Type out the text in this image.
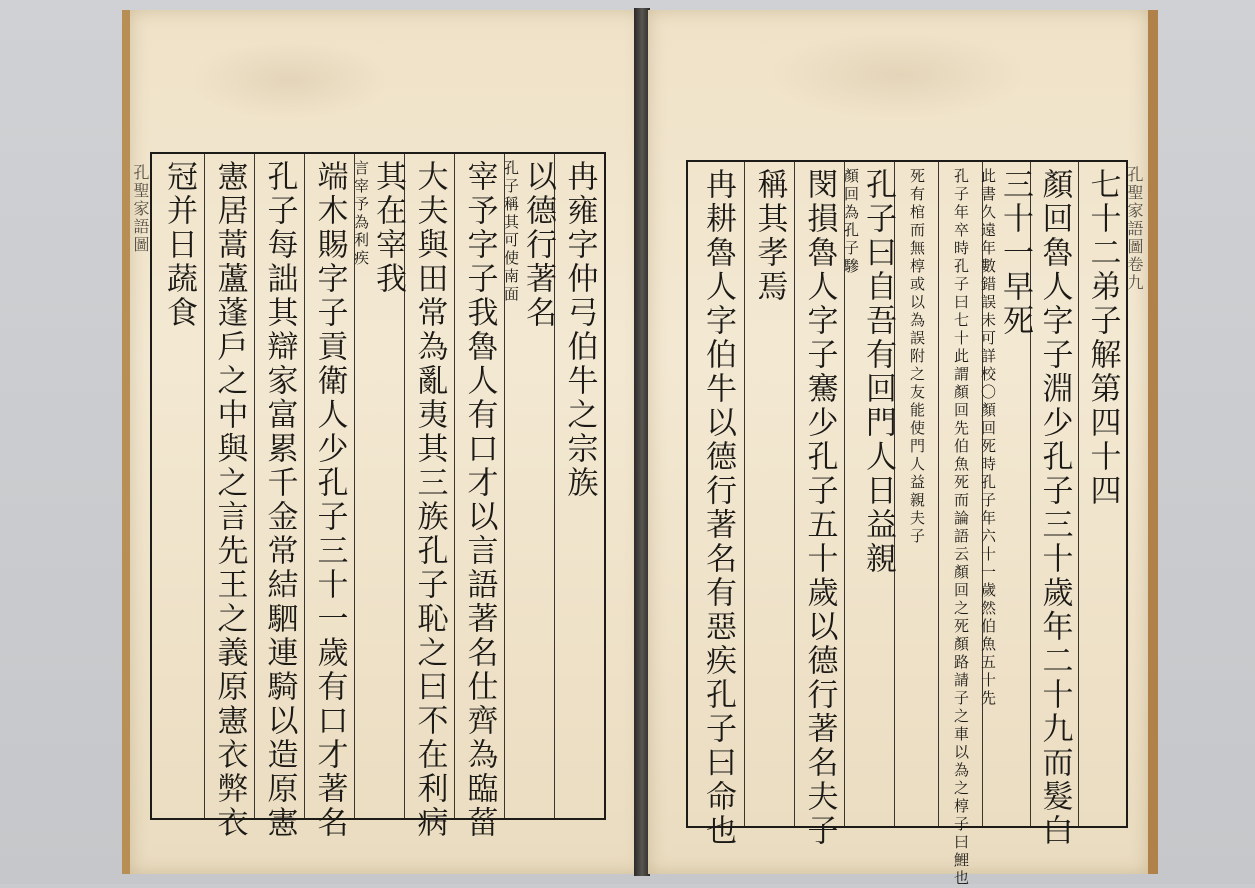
孔聖家語圖	冉雍字仲弓伯牛之宗族
以德行著名
孔子稱其可使南面
宰予字子我魯人有口才以言語著名仕齊為臨菑
大夫與田常為亂夷其三族孔子恥之曰不在利病
其在宰我
言宰予為利疾
端木賜字子貢衛人少孔子三十一歲有口才著名
孔子每詘其辯家富累千金常結駟連騎以造原憲
憲居蒿蘆蓬戶之中與之言先王之義原憲衣弊衣
冠并日蔬食	孔聖家語圖卷九
七十二弟子解第四十四
顏回魯人字子淵少孔子三十歲年二十九而髮白
三十一早死
此書久遠年數錯誤未可詳校〇顏回死時孔子年六十一歲然伯魚五十先
孔子年卒時孔子曰七十此謂顏回先伯魚死而論語云顏回之死顏路請子之車以為之椁子曰鯉也
死有棺而無椁或以為誤附之友能使門人益親夫子
孔子曰自吾有回門人日益親
顏回為孔子驂
閔損魯人字子騫少孔子五十歲以德行著名夫子
稱其孝焉
冉耕魯人字伯牛以德行著名有惡疾孔子曰命也
